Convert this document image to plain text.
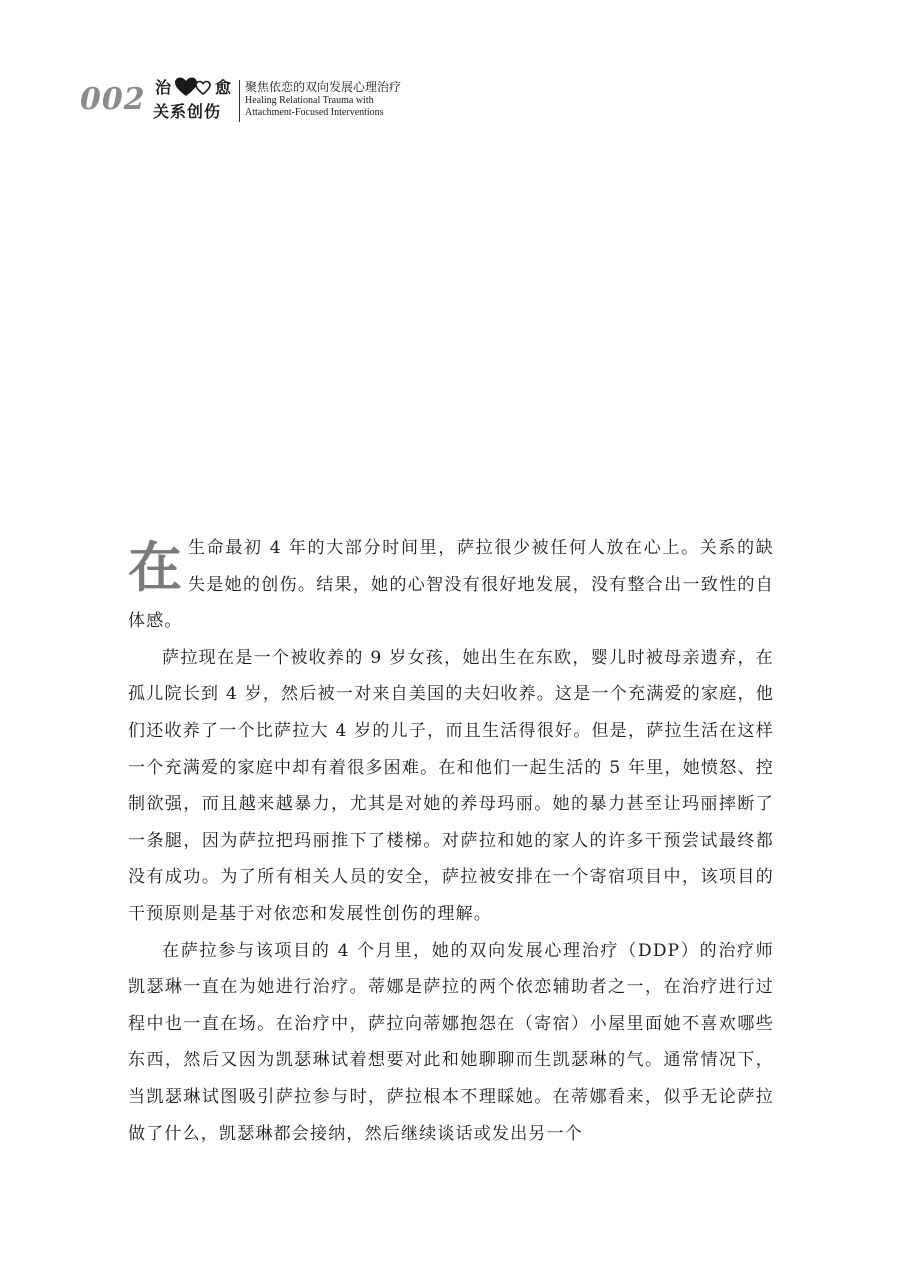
002 治	愈
关系创伤
聚焦依恋的双向发展心理治疗
Healing Relational Trauma with
Attachment-Focused Interventions

在 生命最初 4 年的大部分时间里，萨拉很少被任何人放在心上。关系的缺失是她的创伤。结果，她的心智没有很好地发展，没有整合出一致性的自体感。

萨拉现在是一个被收养的 9 岁女孩，她出生在东欧，婴儿时被母亲遗弃，在孤儿院长到 4 岁，然后被一对来自美国的夫妇收养。这是一个充满爱的家庭，他们还收养了一个比萨拉大 4 岁的儿子，而且生活得很好。但是，萨拉生活在这样一个充满爱的家庭中却有着很多困难。在和他们一起生活的 5 年里，她愤怒、控制欲强，而且越来越暴力，尤其是对她的养母玛丽。她的暴力甚至让玛丽摔断了一条腿，因为萨拉把玛丽推下了楼梯。对萨拉和她的家人的许多干预尝试最终都没有成功。为了所有相关人员的安全，萨拉被安排在一个寄宿项目中，该项目的干预原则是基于对依恋和发展性创伤的理解。

在萨拉参与该项目的 4 个月里，她的双向发展心理治疗（DDP）的治疗师凯瑟琳一直在为她进行治疗。蒂娜是萨拉的两个依恋辅助者之一，在治疗进行过程中也一直在场。在治疗中，萨拉向蒂娜抱怨在（寄宿）小屋里面她不喜欢哪些东西，然后又因为凯瑟琳试着想要对此和她聊聊而生凯瑟琳的气。通常情况下，当凯瑟琳试图吸引萨拉参与时，萨拉根本不理睬她。在蒂娜看来，似乎无论萨拉做了什么，凯瑟琳都会接纳，然后继续谈话或发出另一个
